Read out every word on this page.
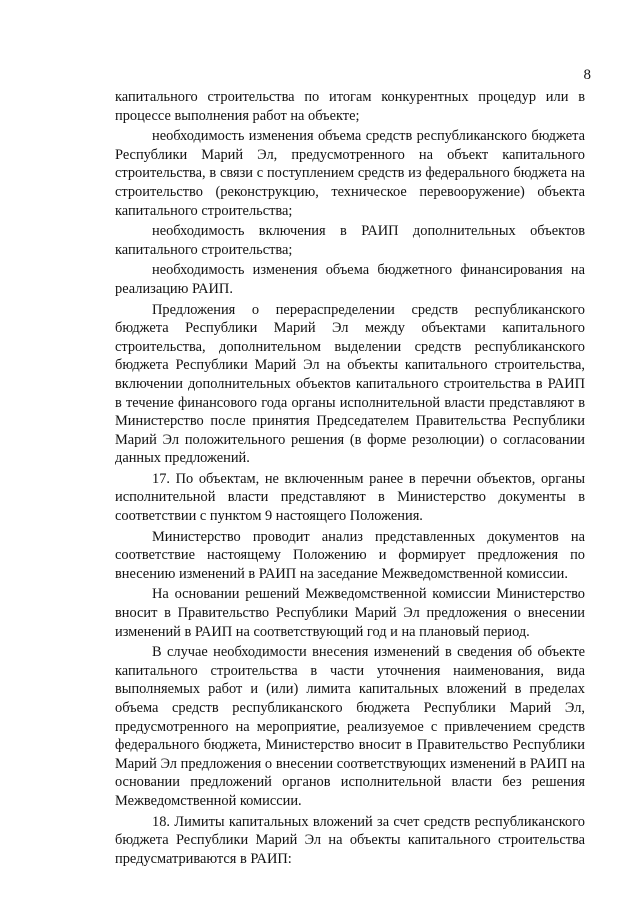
8

капитального строительства по итогам конкурентных процедур или в процессе выполнения работ на объекте;

необходимость изменения объема средств республиканского бюджета Республики Марий Эл, предусмотренного на объект капитального строительства, в связи с поступлением средств из федерального бюджета на строительство (реконструкцию, техническое перевооружение) объекта капитального строительства;

необходимость включения в РАИП дополнительных объектов капитального строительства;

необходимость изменения объема бюджетного финансирования на реализацию РАИП.

Предложения о перераспределении средств республиканского бюджета Республики Марий Эл между объектами капитального строительства, дополнительном выделении средств республиканского бюджета Республики Марий Эл на объекты капитального строительства, включении дополнительных объектов капитального строительства в РАИП в течение финансового года органы исполнительной власти представляют в Министерство после принятия Председателем Правительства Республики Марий Эл положительного решения (в форме резолюции) о согласовании данных предложений.

17. По объектам, не включенным ранее в перечни объектов, органы исполнительной власти представляют в Министерство документы в соответствии с пунктом 9 настоящего Положения.

Министерство проводит анализ представленных документов на соответствие настоящему Положению и формирует предложения по внесению изменений в РАИП на заседание Межведомственной комиссии.

На основании решений Межведомственной комиссии Министерство вносит в Правительство Республики Марий Эл предложения о внесении изменений в РАИП на соответствующий год и на плановый период.

В случае необходимости внесения изменений в сведения об объекте капитального строительства в части уточнения наименования, вида выполняемых работ и (или) лимита капитальных вложений в пределах объема средств республиканского бюджета Республики Марий Эл, предусмотренного на мероприятие, реализуемое с привлечением средств федерального бюджета, Министерство вносит в Правительство Республики Марий Эл предложения о внесении соответствующих изменений в РАИП на основании предложений органов исполнительной власти без решения Межведомственной комиссии.

18. Лимиты капитальных вложений за счет средств республиканского бюджета Республики Марий Эл на объекты капитального строительства предусматриваются в РАИП:
